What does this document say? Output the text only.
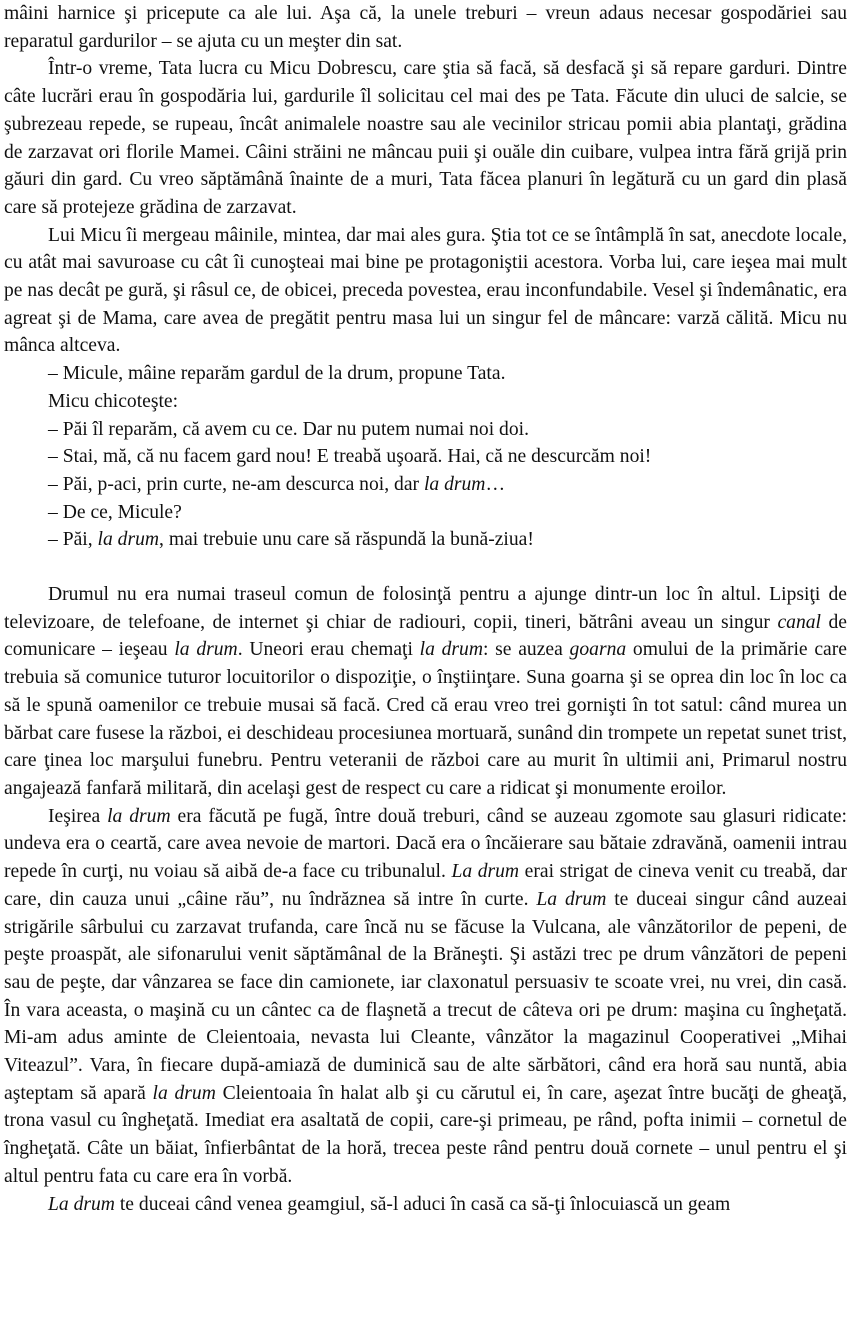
mâini harnice şi pricepute ca ale lui. Aşa că, la unele treburi – vreun adaus necesar gospodăriei sau reparatul gardurilor – se ajuta cu un meşter din sat.

Într-o vreme, Tata lucra cu Micu Dobrescu, care ştia să facă, să desfacă şi să repare garduri. Dintre câte lucrări erau în gospodăria lui, gardurile îl solicitau cel mai des pe Tata. Făcute din uluci de salcie, se şubrezeau repede, se rupeau, încât animalele noastre sau ale vecinilor stricau pomii abia plantaţi, grădina de zarzavat ori florile Mamei. Câini străini ne mâncau puii şi ouăle din cuibare, vulpea intra fără grijă prin găuri din gard. Cu vreo săptămână înainte de a muri, Tata făcea planuri în legătură cu un gard din plasă care să protejeze grădina de zarzavat.

Lui Micu îi mergeau mâinile, mintea, dar mai ales gura. Ştia tot ce se întâmplă în sat, anecdote locale, cu atât mai savuroase cu cât îi cunoşteai mai bine pe protagoniştii acestora. Vorba lui, care ieşea mai mult pe nas decât pe gură, şi râsul ce, de obicei, preceda povestea, erau inconfundabile. Vesel şi îndemânatic, era agreat şi de Mama, care avea de pregătit pentru masa lui un singur fel de mâncare: varză călită. Micu nu mânca altceva.

– Micule, mâine reparăm gardul de la drum, propune Tata.

Micu chicoteşte:

– Păi îl reparăm, că avem cu ce. Dar nu putem numai noi doi.

– Stai, mă, că nu facem gard nou! E treabă uşoară. Hai, că ne descurcăm noi!

– Păi, p-aci, prin curte, ne-am descurca noi, dar la drum…

– De ce, Micule?

– Păi, la drum, mai trebuie unu care să răspundă la bună-ziua!

Drumul nu era numai traseul comun de folosinţă pentru a ajunge dintr-un loc în altul. Lipsiţi de televizoare, de telefoane, de internet şi chiar de radiouri, copii, tineri, bătrâni aveau un singur canal de comunicare – ieşeau la drum. Uneori erau chemaţi la drum: se auzea goarna omului de la primărie care trebuia să comunice tuturor locuitorilor o dispoziţie, o înştiinţare. Suna goarna şi se oprea din loc în loc ca să le spună oamenilor ce trebuie musai să facă. Cred că erau vreo trei gornişti în tot satul: când murea un bărbat care fusese la război, ei deschideau procesiunea mortuară, sunând din trompete un repetat sunet trist, care ţinea loc marşului funebru. Pentru veteranii de război care au murit în ultimii ani, Primarul nostru angajează fanfară militară, din acelaşi gest de respect cu care a ridicat şi monumente eroilor.

Ieşirea la drum era făcută pe fugă, între două treburi, când se auzeau zgomote sau glasuri ridicate: undeva era o ceartă, care avea nevoie de martori. Dacă era o încăierare sau bătaie zdravănă, oamenii intrau repede în curţi, nu voiau să aibă de-a face cu tribunalul. La drum erai strigat de cineva venit cu treabă, dar care, din cauza unui „câine rău”, nu îndrăznea să intre în curte. La drum te duceai singur când auzeai strigările sârbului cu zarzavat trufanda, care încă nu se făcuse la Vulcana, ale vânzătorilor de pepeni, de peşte proaspăt, ale sifonarului venit săptămânal de la Brăneşti. Şi astăzi trec pe drum vânzători de pepeni sau de peşte, dar vânzarea se face din camionete, iar claxonatul persuasiv te scoate vrei, nu vrei, din casă. În vara aceasta, o maşină cu un cântec ca de flaşnetă a trecut de câteva ori pe drum: maşina cu îngheţată. Mi-am adus aminte de Cleientoaia, nevasta lui Cleante, vânzător la magazinul Cooperativei „Mihai Viteazul”. Vara, în fiecare după-amiază de duminică sau de alte sărbători, când era horă sau nuntă, abia aşteptam să apară la drum Cleientoaia în halat alb şi cu cărutul ei, în care, aşezat între bucăţi de gheaţă, trona vasul cu îngheţată. Imediat era asaltată de copii, care-şi primeau, pe rând, pofta inimii – cornetul de îngheţată. Câte un băiat, înfierbântat de la horă, trecea peste rând pentru două cornete – unul pentru el şi altul pentru fata cu care era în vorbă.

La drum te duceai când venea geamgiul, să-l aduci în casă ca să-ţi înlocuiască un geam
